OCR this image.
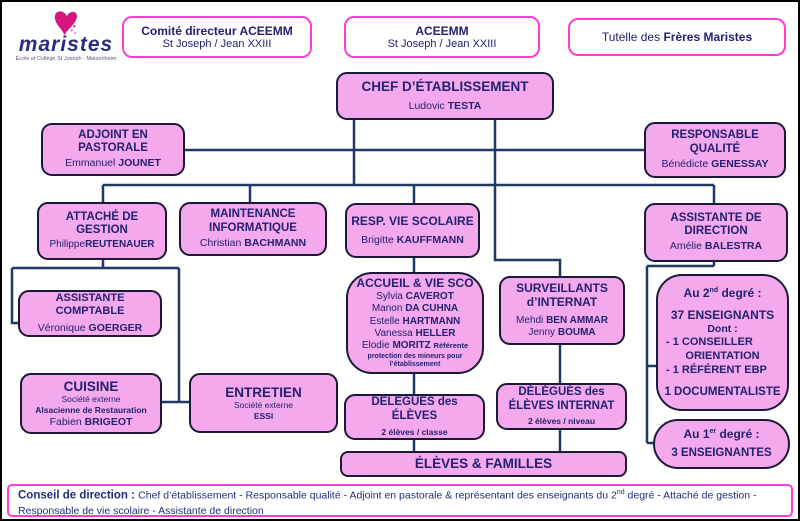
maristes
École et Collège St Joseph - Matzenheim
Comité directeur ACEEMM
St Joseph / Jean XXIII
ACEEMM
St Joseph / Jean XXIII	Tutelle des Frères Maristes
CHEF D’ÉTABLISSEMENT
Ludovic TESTA
ADJOINT EN PASTORALE
Emmanuel JOUNET
RESPONSABLE QUALITÉ
Bénédicte GENESSAY
ATTACHÉ DE GESTION
PhilippeREUTENAUER
MAINTENANCE INFORMATIQUE
Christian BACHMANN
RESP. VIE SCOLAIRE
Brigitte KAUFFMANN
ASSISTANTE DE DIRECTION
Amélie BALESTRA
ASSISTANTE COMPTABLE
Véronique GOERGER
ACCUEIL & VIE SCO
Sylvia CAVEROT
Manon DA CUHNA
Estelle HARTMANN
Vanessa HELLER
Elodie MORITZ Référente
protection des mineurs pour l’établissement
SURVEILLANTS
d’INTERNAT
Mehdi BEN AMMAR
Jenny BOUMA
Au 2nd degré :
37 ENSEIGNANTS
Dont :
- 1 CONSEILLER
ORIENTATION
- 1 RÉFÉRENT EBP
1 DOCUMENTALISTE
CUISINE
Société externe
Alsacienne de Restauration
Fabien BRIGEOT
ENTRETIEN
Société externe
ESSI
DÉLÉGUÉS des ÉLÈVES
2 élèves / classe
DÉLÉGUÉS des
ÉLÈVES INTERNAT
2 élèves / niveau
Au 1er degré :
3 ENSEIGNANTES
ÉLÈVES & FAMILLES
Conseil de direction : Chef d’établissement - Responsable qualité - Adjoint en pastorale & représentant des enseignants du 2nd degré - Attaché de gestion - Responsable de vie scolaire - Assistante de direction
